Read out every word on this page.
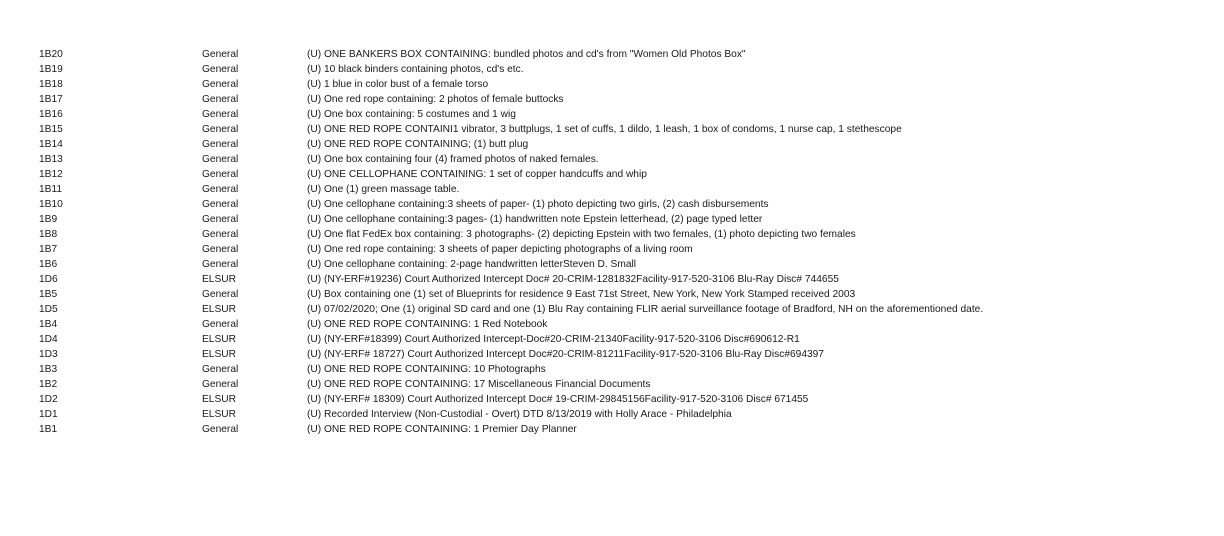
1B20	General	(U) ONE BANKERS BOX CONTAINING: bundled photos and cd's from "Women Old Photos Box"
1B19	General	(U) 10 black binders containing photos, cd's etc.
1B18	General	(U) 1 blue in color bust of a female torso
1B17	General	(U) One red rope containing: 2 photos of female buttocks
1B16	General	(U) One box containing: 5 costumes and 1 wig
1B15	General	(U) ONE RED ROPE CONTAINI1 vibrator, 3 buttplugs, 1 set of cuffs, 1 dildo, 1 leash, 1 box of condoms, 1 nurse cap, 1 stethescope
1B14	General	(U) ONE RED ROPE CONTAINING; (1) butt plug
1B13	General	(U) One box containing four (4) framed photos of naked females.
1B12	General	(U) ONE CELLOPHANE CONTAINING: 1 set of copper handcuffs and whip
1B11	General	(U) One (1) green massage table.
1B10	General	(U) One cellophane containing:3 sheets of paper- (1) photo depicting two girls, (2) cash disbursements
1B9	General	(U) One cellophane containing:3 pages- (1) handwritten note Epstein letterhead, (2) page typed letter
1B8	General	(U) One flat FedEx box containing: 3 photographs- (2) depicting Epstein with two females, (1) photo depicting two females
1B7	General	(U) One red rope containing: 3 sheets of paper depicting photographs of a living room
1B6	General	(U) One cellophane containing: 2-page handwritten letterSteven D. Small
1D6	ELSUR	(U) (NY-ERF#19236) Court Authorized Intercept Doc# 20-CRIM-1281832Facility-917-520-3106 Blu-Ray Disc# 744655
1B5	General	(U) Box containing one (1) set of Blueprints for residence 9 East 71st Street, New York, New York Stamped received 2003
1D5	ELSUR	(U) 07/02/2020; One (1) original SD card and one (1) Blu Ray containing FLIR aerial surveillance footage of Bradford, NH on the aforementioned date.
1B4	General	(U) ONE RED ROPE CONTAINING: 1 Red Notebook
1D4	ELSUR	(U) (NY-ERF#18399) Court Authorized Intercept-Doc#20-CRIM-21340Facility-917-520-3106 Disc#690612-R1
1D3	ELSUR	(U) (NY-ERF# 18727) Court Authorized Intercept Doc#20-CRIM-81211Facility-917-520-3106 Blu-Ray Disc#694397
1B3	General	(U) ONE RED ROPE CONTAINING: 10 Photographs
1B2	General	(U) ONE RED ROPE CONTAINING: 17 Miscellaneous Financial Documents
1D2	ELSUR	(U) (NY-ERF# 18309) Court Authorized Intercept Doc# 19-CRIM-29845156Facility-917-520-3106 Disc# 671455
1D1	ELSUR	(U) Recorded Interview (Non-Custodial - Overt) DTD 8/13/2019 with Holly Arace - Philadelphia
1B1	General	(U) ONE RED ROPE CONTAINING: 1 Premier Day Planner
